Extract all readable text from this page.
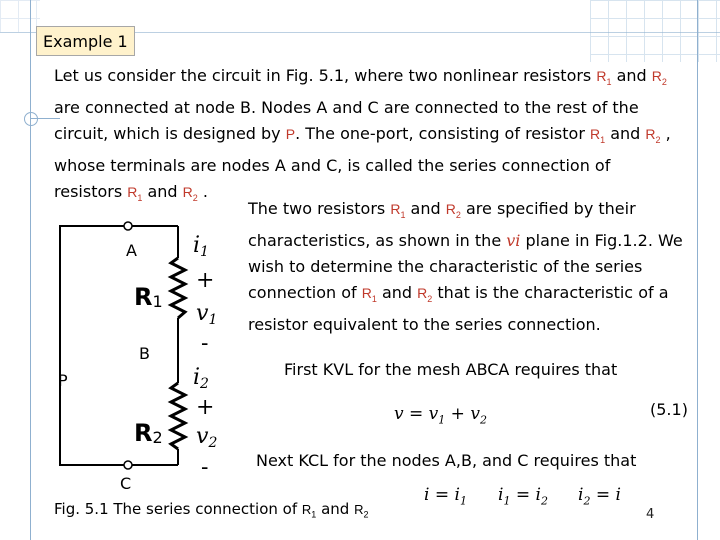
Example 1

Let us consider the circuit in Fig. 5.1, where two nonlinear resistors $R_1$ and $R_2$ are connected at node B. Nodes A and C are connected to the rest of the circuit, which is designed by P. The one-port, consisting of resistor $R_1$ and $R_2$ , whose terminals are nodes A and C, is called the series connection of resistors $R_1$ and $R_2$ .

The two resistors $R_1$ and $R_2$ are specified by their characteristics, as shown in the vi plane in Fig.1.2. We wish to determine the characteristic of the series connection of $R_1$ and $R_2$ that is the characteristic of a resistor equivalent to the series connection.

First KVL for the mesh ABCA requires that
$v = v_1 + v_2$
(5.1)
Next KCL for the nodes A,B, and C requires that
$i = i_1$ $i_1 = i_2$ $i_2 = i$
Fig. 5.1 The series connection of $R_1$ and $R_2$	4
A
B
C
P
R1
R2
i1
+
v1
-
i2
+
v2
-
